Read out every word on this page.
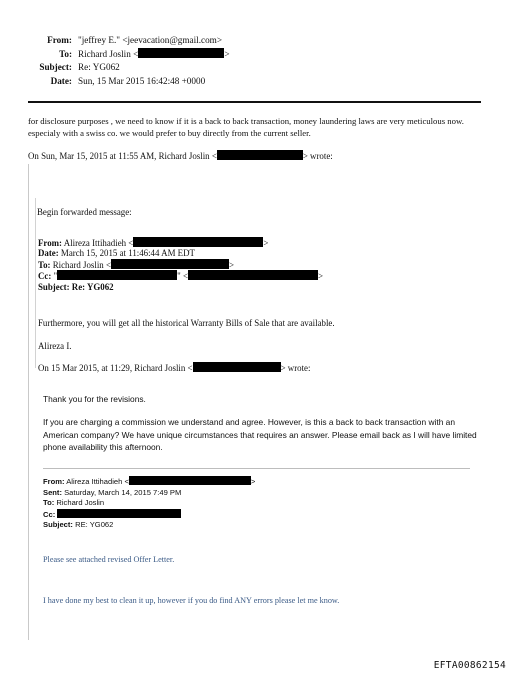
From: "jeffrey E." <jeevacation@gmail.com>
To: Richard Joslin <	>
Subject: Re: YG062
Date: Sun, 15 Mar 2015 16:42:48 +0000
for disclosure purposes , we need to know if it is a back to back transaction, money laundering laws are very meticulous now. especialy with a swiss co. we would prefer to buy directly from the current seller.
On Sun, Mar 15, 2015 at 11:55 AM, Richard Joslin <	> wrote:
Begin forwarded message:
From: Alireza Ittihadieh <	>
Date: March 15, 2015 at 11:46:44 AM EDT
To: Richard Joslin <	>
Cc: "	" <	>
Subject: Re: YG062
Furthermore, you will get all the historical Warranty Bills of Sale that are available.
Alireza I.
On 15 Mar 2015, at 11:29, Richard Joslin <	> wrote:
Thank you for the revisions.
If you are charging a commission we understand and agree. However, is this a back to back transaction with an American company? We have unique circumstances that requires an answer. Please email back as I will have limited phone availability this afternoon.
From: Alireza Ittihadieh <	>
Sent: Saturday, March 14, 2015 7:49 PM
To: Richard Joslin
Cc:
Subject: RE: YG062
Please see attached revised Offer Letter.
I have done my best to clean it up, however if you do find ANY errors please let me know.
EFTA00862154
